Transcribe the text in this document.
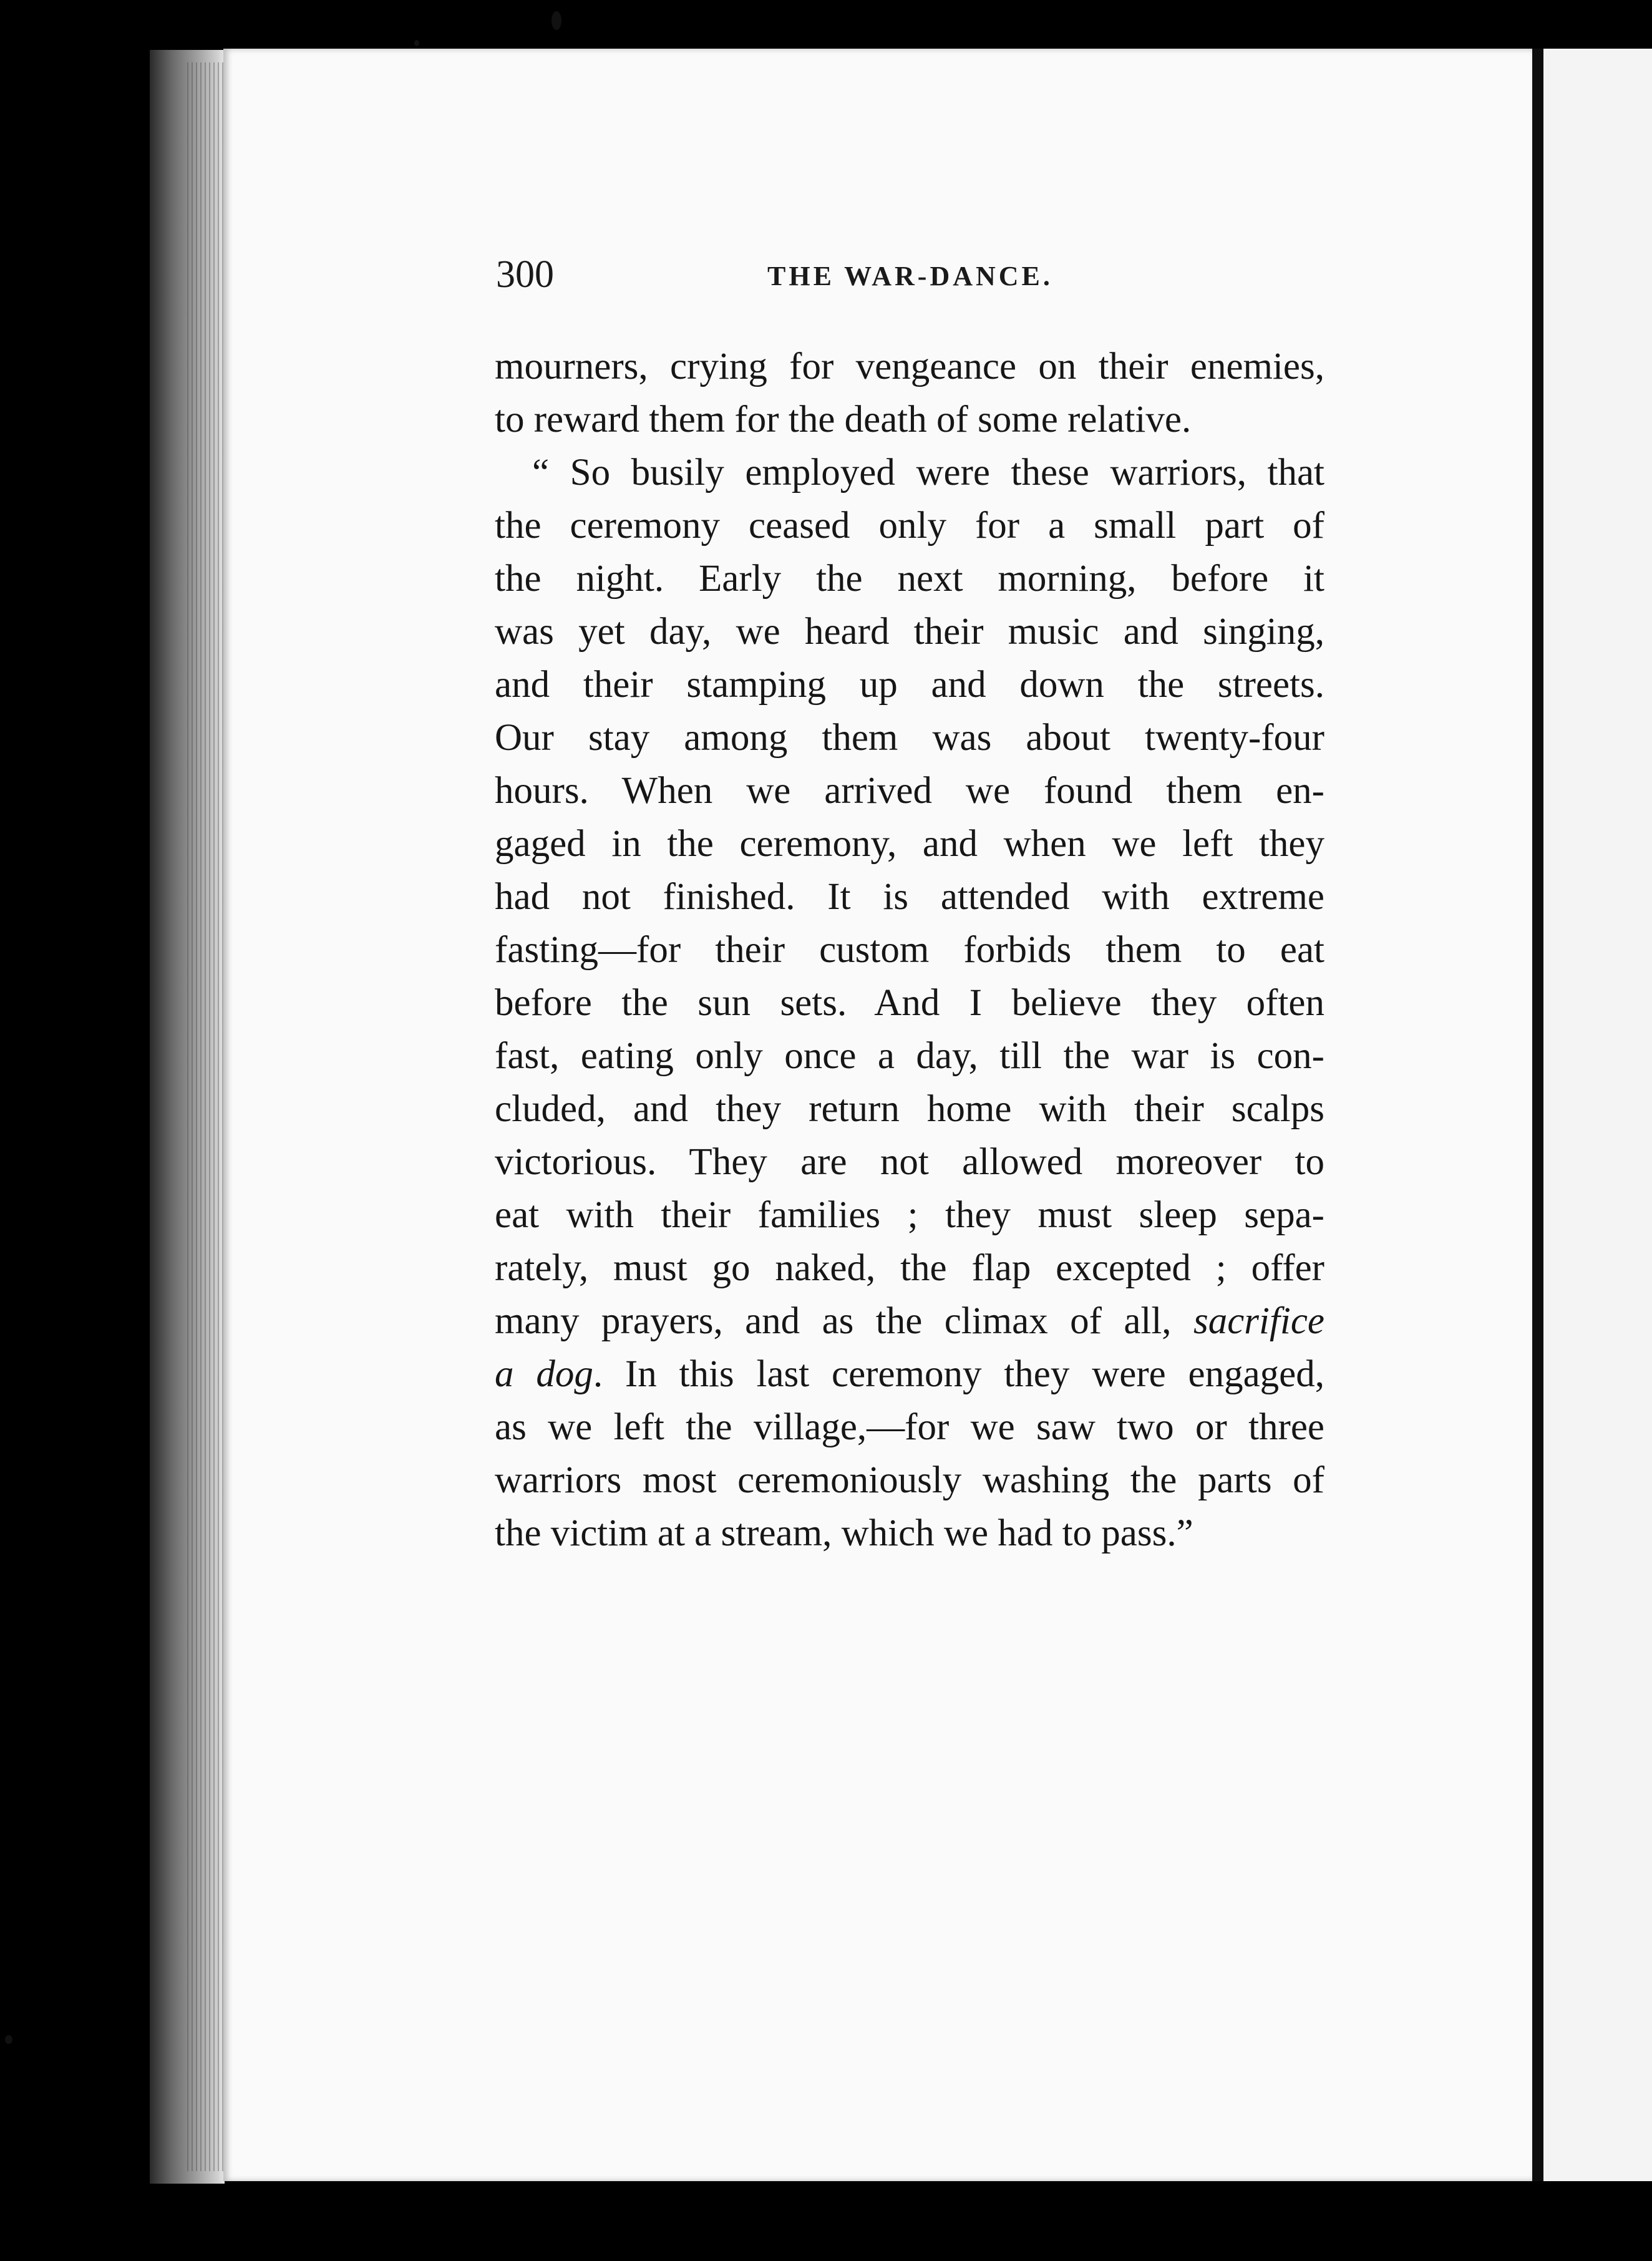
300	THE WAR-DANCE.
mourners, crying for vengeance on their enemies,
to reward them for the death of some relative.
“ So busily employed were these warriors, that
the ceremony ceased only for a small part of
the night. Early the next morning, before it
was yet day, we heard their music and singing,
and their stamping up and down the streets.
Our stay among them was about twenty-four
hours. When we arrived we found them en-
gaged in the ceremony, and when we left they
had not finished. It is attended with extreme
fasting—for their custom forbids them to eat
before the sun sets. And I believe they often
fast, eating only once a day, till the war is con-
cluded, and they return home with their scalps
victorious. They are not allowed moreover to
eat with their families ; they must sleep sepa-
rately, must go naked, the flap excepted ; offer
many prayers, and as the climax of all, sacrifice
a dog. In this last ceremony they were engaged,
as we left the village,—for we saw two or three
warriors most ceremoniously washing the parts of
the victim at a stream, which we had to pass.”
